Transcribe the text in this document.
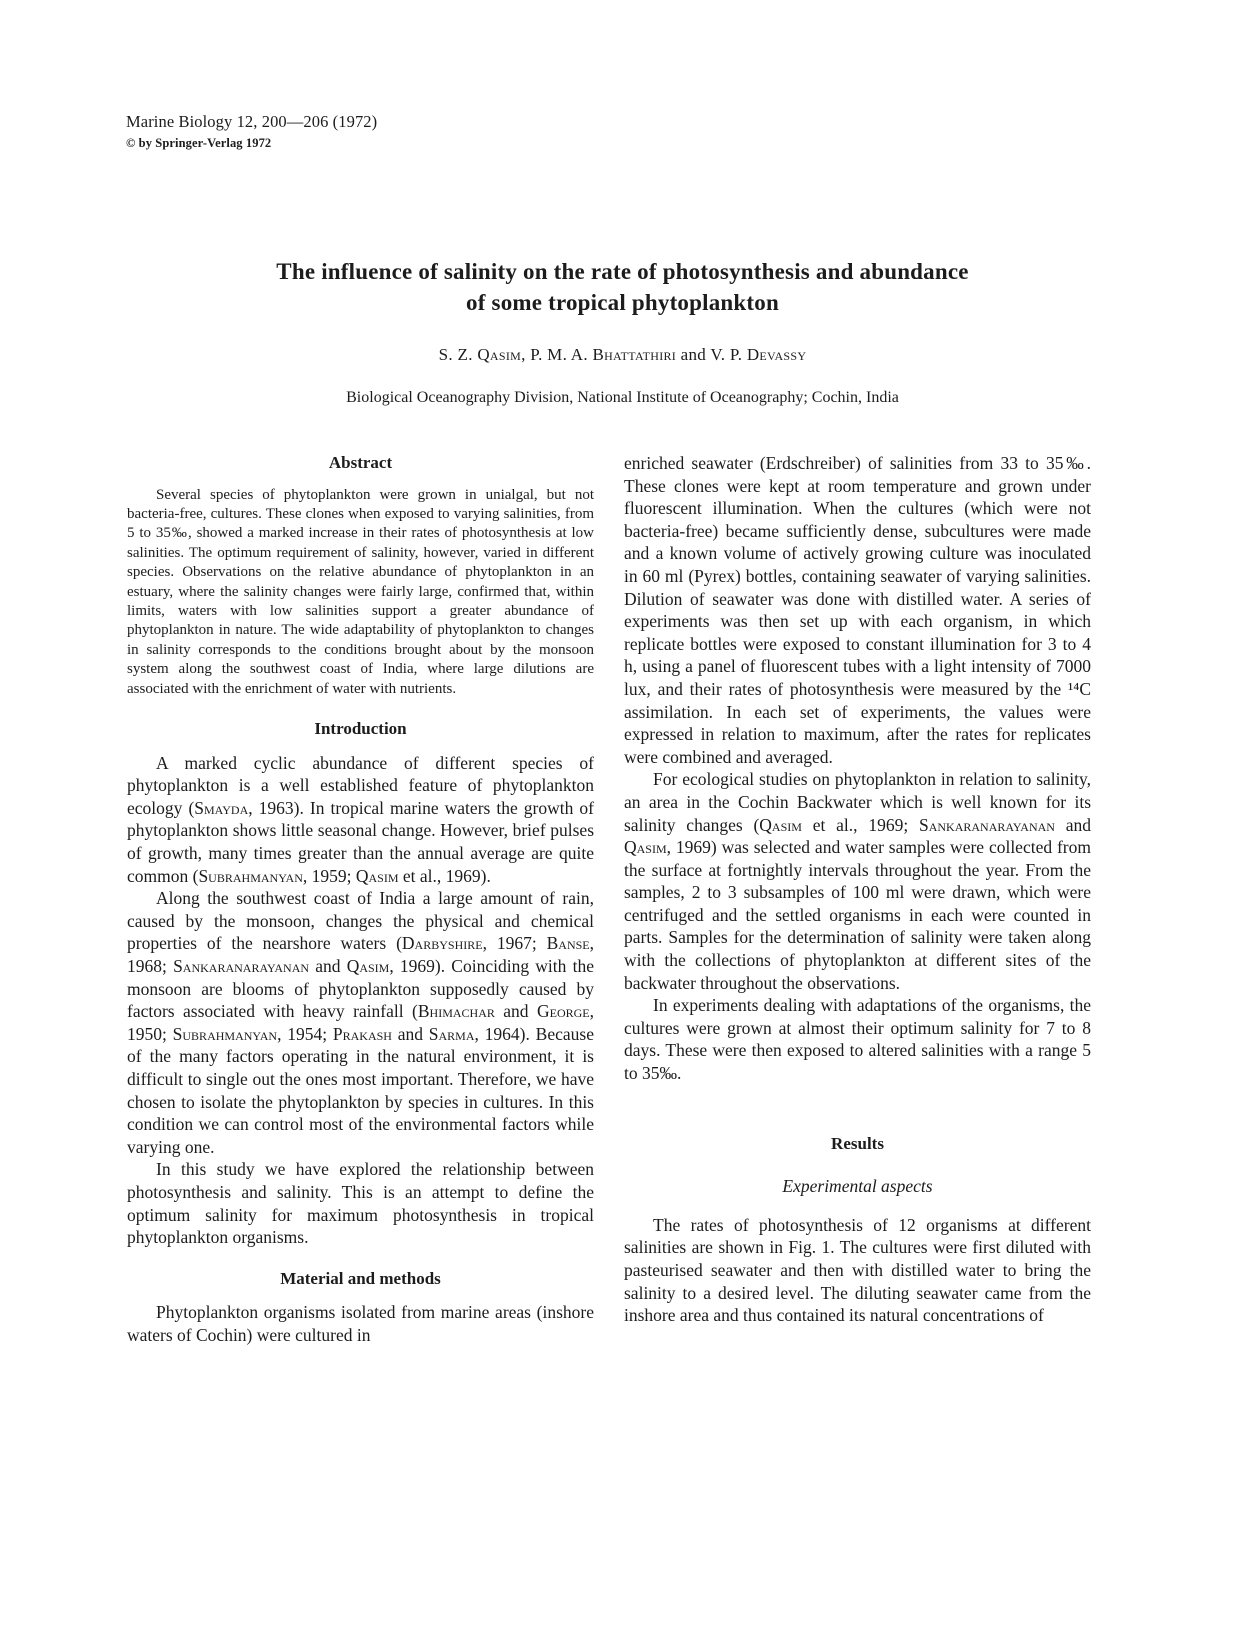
Marine Biology 12, 200—206 (1972)
© by Springer-Verlag 1972
The influence of salinity on the rate of photosynthesis and abundance
of some tropical phytoplankton
S. Z. Qasim, P. M. A. Bhattathiri and V. P. Devassy
Biological Oceanography Division, National Institute of Oceanography; Cochin, India
Abstract

Several species of phytoplankton were grown in unialgal, but not bacteria-free, cultures. These clones when exposed to varying salinities, from 5 to 35‰, showed a marked increase in their rates of photosynthesis at low salinities. The optimum requirement of salinity, however, varied in different species. Observations on the relative abundance of phytoplankton in an estuary, where the salinity changes were fairly large, confirmed that, within limits, waters with low salinities support a greater abundance of phytoplankton in nature. The wide adaptability of phytoplankton to changes in salinity corresponds to the conditions brought about by the monsoon system along the southwest coast of India, where large dilutions are associated with the enrichment of water with nutrients.

Introduction

A marked cyclic abundance of different species of phytoplankton is a well established feature of phytoplankton ecology (Smayda, 1963). In tropical marine waters the growth of phytoplankton shows little seasonal change. However, brief pulses of growth, many times greater than the annual average are quite common (Subrahmanyan, 1959; Qasim et al., 1969).

Along the southwest coast of India a large amount of rain, caused by the monsoon, changes the physical and chemical properties of the nearshore waters (Darbyshire, 1967; Banse, 1968; Sankaranarayanan and Qasim, 1969). Coinciding with the monsoon are blooms of phytoplankton supposedly caused by factors associated with heavy rainfall (Bhimachar and George, 1950; Subrahmanyan, 1954; Prakash and Sarma, 1964). Because of the many factors operating in the natural environment, it is difficult to single out the ones most important. Therefore, we have chosen to isolate the phytoplankton by species in cultures. In this condition we can control most of the environmental factors while varying one.

In this study we have explored the relationship between photosynthesis and salinity. This is an attempt to define the optimum salinity for maximum photosynthesis in tropical phytoplankton organisms.

Material and methods

Phytoplankton organisms isolated from marine areas (inshore waters of Cochin) were cultured in

enriched seawater (Erdschreiber) of salinities from 33 to 35‰. These clones were kept at room temperature and grown under fluorescent illumination. When the cultures (which were not bacteria-free) became sufficiently dense, subcultures were made and a known volume of actively growing culture was inoculated in 60 ml (Pyrex) bottles, containing seawater of varying salinities. Dilution of seawater was done with distilled water. A series of experiments was then set up with each organism, in which replicate bottles were exposed to constant illumination for 3 to 4 h, using a panel of fluorescent tubes with a light intensity of 7000 lux, and their rates of photosynthesis were measured by the ¹⁴C assimilation. In each set of experiments, the values were expressed in relation to maximum, after the rates for replicates were combined and averaged.

For ecological studies on phytoplankton in relation to salinity, an area in the Cochin Backwater which is well known for its salinity changes (Qasim et al., 1969; Sankaranarayanan and Qasim, 1969) was selected and water samples were collected from the surface at fortnightly intervals throughout the year. From the samples, 2 to 3 subsamples of 100 ml were drawn, which were centrifuged and the settled organisms in each were counted in parts. Samples for the determination of salinity were taken along with the collections of phytoplankton at different sites of the backwater throughout the observations.

In experiments dealing with adaptations of the organisms, the cultures were grown at almost their optimum salinity for 7 to 8 days. These were then exposed to altered salinities with a range 5 to 35‰.

Results
Experimental aspects

The rates of photosynthesis of 12 organisms at different salinities are shown in Fig. 1. The cultures were first diluted with pasteurised seawater and then with distilled water to bring the salinity to a desired level. The diluting seawater came from the inshore area and thus contained its natural concentrations of
